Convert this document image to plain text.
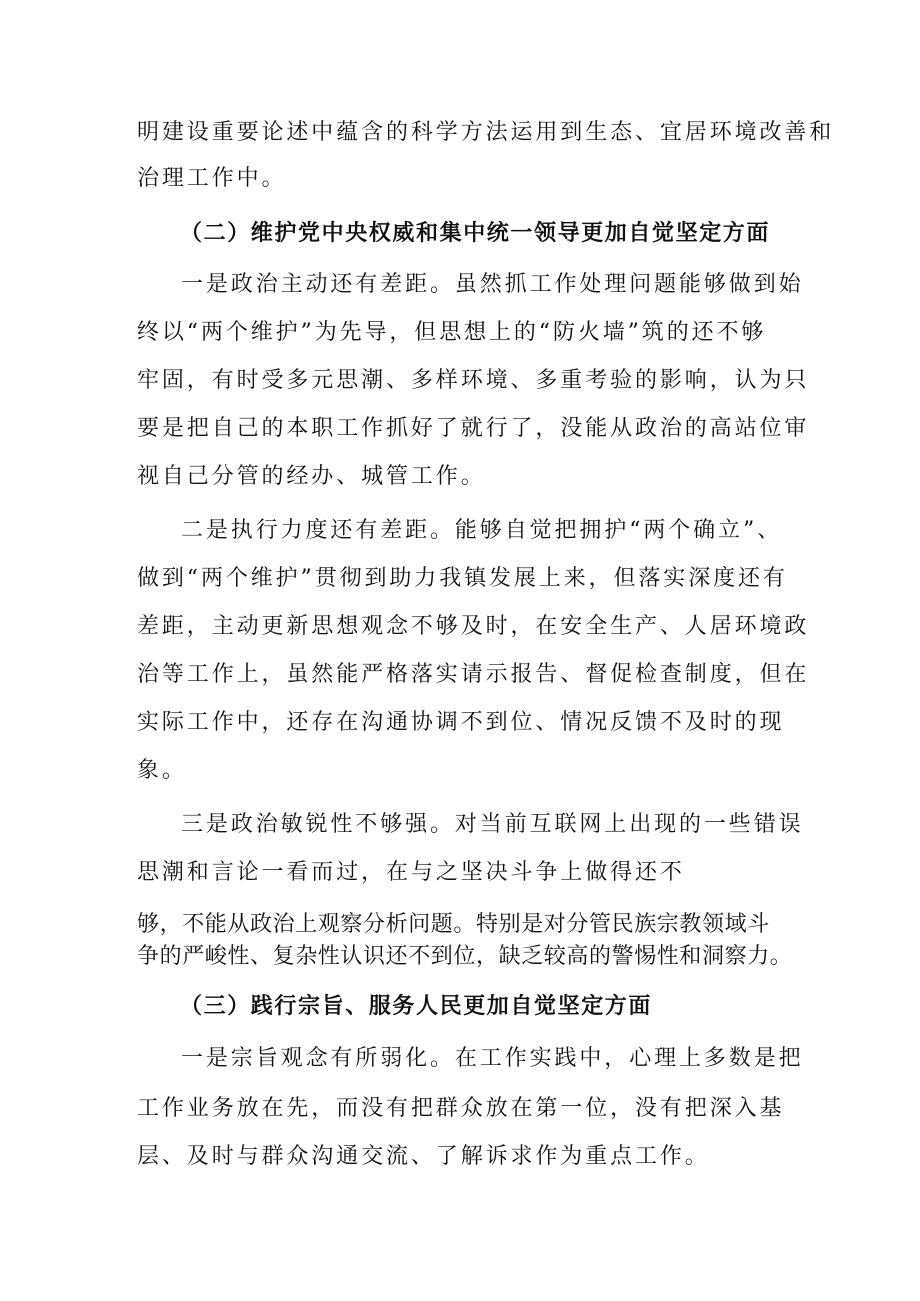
明建设重要论述中蕴含的科学方法运用到生态、宜居环境改善和
治理工作中。
（二）维护党中央权威和集中统一领导更加自觉坚定方面
一是政治主动还有差距。虽然抓工作处理问题能够做到始
终以“两个维护”为先导，但思想上的“防火墙”筑的还不够
牢固，有时受多元思潮、多样环境、多重考验的影响，认为只
要是把自己的本职工作抓好了就行了，没能从政治的高站位审
视自己分管的经办、城管工作。
二是执行力度还有差距。能够自觉把拥护“两个确立”、
做到“两个维护”贯彻到助力我镇发展上来，但落实深度还有
差距，主动更新思想观念不够及时，在安全生产、人居环境政
治等工作上，虽然能严格落实请示报告、督促检查制度，但在
实际工作中，还存在沟通协调不到位、情况反馈不及时的现
象。
三是政治敏锐性不够强。对当前互联网上出现的一些错误
思潮和言论一看而过，在与之坚决斗争上做得还不
够，不能从政治上观察分析问题。特别是对分管民族宗教领域斗
争的严峻性、复杂性认识还不到位，缺乏较高的警惕性和洞察力。
（三）践行宗旨、服务人民更加自觉坚定方面
一是宗旨观念有所弱化。在工作实践中，心理上多数是把
工作业务放在先，而没有把群众放在第一位，没有把深入基
层、及时与群众沟通交流、了解诉求作为重点工作。
